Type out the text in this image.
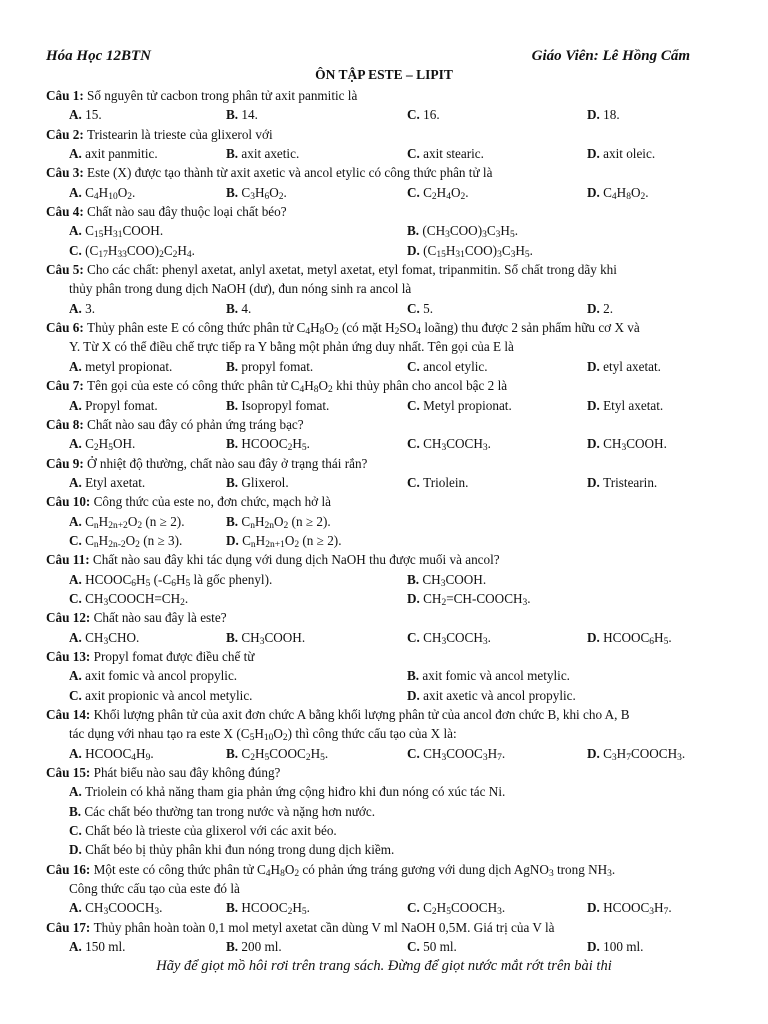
Hóa Học 12BTN	Giáo Viên: Lê Hồng Cẩm
ÔN TẬP ESTE – LIPIT
Câu 1: Số nguyên tử cacbon trong phân tử axit panmitic là
A. 15.	B. 14.	C. 16.	D. 18.
Câu 2: Tristearin là trieste của glixerol với
A. axit panmitic.	B. axit axetic.	C. axit stearic.	D. axit oleic.
Câu 3: Este (X) được tạo thành từ axit axetic và ancol etylic có công thức phân tử là
A. $C_4H_{10}O_2$.	B. $C_3H_6O_2$.	C. $C_2H_4O_2$.	D. $C_4H_8O_2$.
Câu 4: Chất nào sau đây thuộc loại chất béo?
A. $C_{15}H_{31}COOH$.	B. $(CH_3COO)_3C_3H_5$.
C. $(C_{17}H_{33}COO)_2C_2H_4$.	D. $(C_{15}H_{31}COO)_3C_3H_5$.
Câu 5: Cho các chất: phenyl axetat, anlyl axetat, metyl axetat, etyl fomat, tripanmitin. Số chất trong dãy khi
thủy phân trong dung dịch NaOH (dư), đun nóng sinh ra ancol là
A. 3.	B. 4.	C. 5.	D. 2.
Câu 6: Thủy phân este E có công thức phân tử $C_4H_8O_2$ (có mặt $H_2SO_4$ loãng) thu được 2 sản phẩm hữu cơ X và
Y. Từ X có thể điều chế trực tiếp ra Y bằng một phản ứng duy nhất. Tên gọi của E là
A. metyl propionat.	B. propyl fomat.	C. ancol etylic.	D. etyl axetat.
Câu 7: Tên gọi của este có công thức phân tử $C_4H_8O_2$ khi thủy phân cho ancol bậc 2 là
A. Propyl fomat.	B. Isopropyl fomat.	C. Metyl propionat.	D. Etyl axetat.
Câu 8: Chất nào sau đây có phản ứng tráng bạc?
A. $C_2H_5OH$.	B. $HCOOC_2H_5$.	C. $CH_3COCH_3$.	D. $CH_3COOH$.
Câu 9: Ở nhiệt độ thường, chất nào sau đây ở trạng thái rắn?
A. Etyl axetat.	B. Glixerol.	C. Triolein.	D. Tristearin.
Câu 10: Công thức của este no, đơn chức, mạch hở là
A. $C_nH_{2n+2}O_2$ (n ≥ 2).	B. $C_nH_{2n}O_2$ (n ≥ 2).
C. $C_nH_{2n-2}O_2$ (n ≥ 3).	D. $C_nH_{2n+1}O_2$ (n ≥ 2).
Câu 11: Chất nào sau đây khi tác dụng với dung dịch NaOH thu được muối và ancol?
A. $HCOOC_6H_5$ ($-C_6H_5$ là gốc phenyl).	B. $CH_3COOH$.
C. $CH_3COOCH=CH_2$.	D. $CH_2=CH-COOCH_3$.
Câu 12: Chất nào sau đây là este?
A. $CH_3CHO$.	B. $CH_3COOH$.	C. $CH_3COCH_3$.	D. $HCOOC_6H_5$.
Câu 13: Propyl fomat được điều chế từ
A. axit fomic và ancol propylic.	B. axit fomic và ancol metylic.
C. axit propionic và ancol metylic.	D. axit axetic và ancol propylic.
Câu 14: Khối lượng phân tử của axit đơn chức A bằng khối lượng phân tử của ancol đơn chức B, khi cho A, B
tác dụng với nhau tạo ra este X $(C_5H_{10}O_2)$ thì công thức cấu tạo của X là:
A. $HCOOC_4H_9$.	B. $C_2H_5COOC_2H_5$.	C. $CH_3COOC_3H_7$.	D. $C_3H_7COOCH_3$.
Câu 15: Phát biểu nào sau đây không đúng?
A. Triolein có khả năng tham gia phản ứng cộng hiđro khi đun nóng có xúc tác Ni.
B. Các chất béo thường tan trong nước và nặng hơn nước.
C. Chất béo là trieste của glixerol với các axit béo.
D. Chất béo bị thủy phân khi đun nóng trong dung dịch kiềm.
Câu 16: Một este có công thức phân tử $C_4H_8O_2$ có phản ứng tráng gương với dung dịch AgNO$_3$ trong $NH_3$.
Công thức cấu tạo của este đó là
A. $CH_3COOCH_3$.	B. $HCOOC_2H_5$.	C. $C_2H_5COOCH_3$.	D. $HCOOC_3H_7$.
Câu 17: Thủy phân hoàn toàn 0,1 mol metyl axetat cần dùng V ml NaOH 0,5M. Giá trị của V là
A. 150 ml.	B. 200 ml.	C. 50 ml.	D. 100 ml.
Hãy để giọt mồ hôi rơi trên trang sách. Đừng để giọt nước mắt rớt trên bài thi
